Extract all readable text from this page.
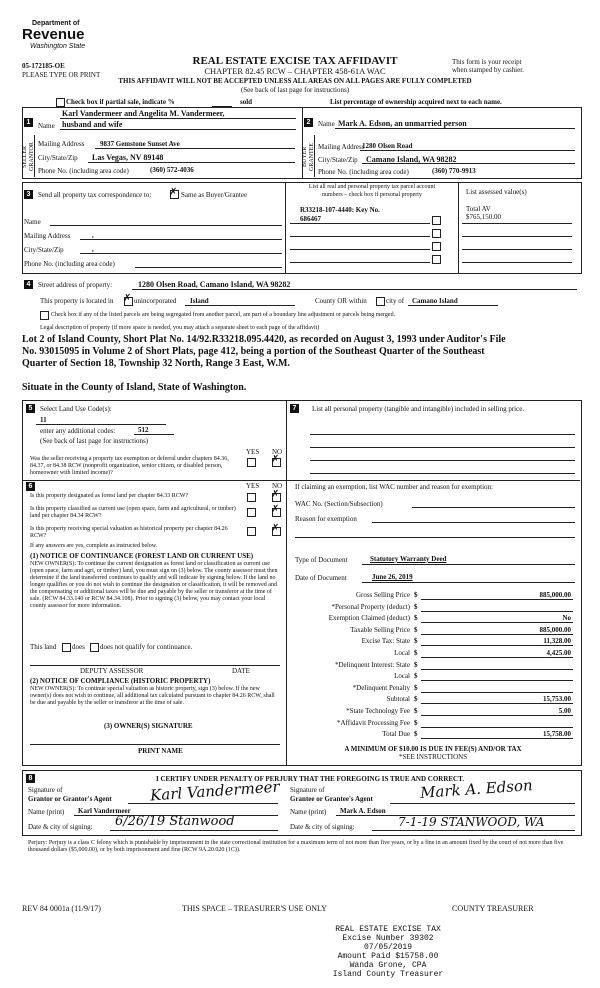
Department of
Revenue
Washington State
05-172185-OE
PLEASE TYPE OR PRINT
REAL ESTATE EXCISE TAX AFFIDAVIT
CHAPTER 82.45 RCW – CHAPTER 458-61A WAC
THIS AFFIDAVIT WILL NOT BE ACCEPTED UNLESS ALL AREAS ON ALL PAGES ARE FULLY COMPLETED
(See back of last page for instructions)
This form is your receipt
when stamped by cashier.
Check box if partial sale, indicate %	sold	List percentage of ownership acquired next to each name.
1
SELLER
GRANTOR
Name
Karl Vandermeer and Angelita M. Vandermeer,
husband and wife
Mailing Address 9837 Gemstone Sunset Ave
City/State/Zip Las Vegas, NV 89148
Phone No. (including area code)	(360) 572-4036
2
BUYER
GRANTEE
Name Mark A. Edson, an unmarried person
Mailing Address
1280 Olsen Road
City/State/Zip Camano Island, WA 98282
Phone No. (including area code)	(360) 770-9913
3	Send all property tax correspondence to: ✗ Same as Buyer/Grantee
Name
Mailing Address	,
City/State/Zip	,
Phone No. (including area code)
List all real and personal property tax parcel account
numbers – check box if personal property
R33218-107-4440: Key No.
686467
List assessed value(s)
Total AV
$765,150.00
4	Street address of property:	1280 Olsen Road, Camano Island, WA 98282
This property is located in ✗ unincorporated Island	County OR within	city of Camano Island
Check box if any of the listed parcels are being segregated from another parcel, are part of a boundary line adjustment or parcels being merged.
Legal description of property (if more space is needed, you may attach a separate sheet to each page of the affidavit)
Lot 2 of Island County, Short Plat No. 14/92.R33218.095.4420, as recorded on August 3, 1993 under Auditor's File
No. 93015095 in Volume 2 of Short Plats, page 412, being a portion of the Southeast Quarter of the Southeast
Quarter of Section 18, Township 32 North, Range 3 East, W.M.
Situate in the County of Island, State of Washington.
5	Select Land Use Code(s):
11
enter any additional codes:	512
(See back of last page for instructions)
YES NO
Was the seller receiving a property tax exemption or deferral under chapters 84.36, 84.37, or 84.38 RCW (nonprofit organization, senior citizen, or disabled person, homeowner with limited income)?
✗
6	YES NO
Is this property designated as forest land per chapter 84.33 RCW?	✗
Is this property classified as current use (open space, farm and agricultural, or timber) land per chapter 84.34 RCW?
✗
Is this property receiving special valuation as historical property per chapter 84.26 RCW?
✗
If any answers are yes, complete as instructed below.
(1) NOTICE OF CONTINUANCE (FOREST LAND OR CURRENT USE)
NEW OWNER(S): To continue the current designation as forest land or classification as current use (open space, farm and agri, or timber) land, you must sign on (3) below. The county assessor must then determine if the land transferred continues to qualify and will indicate by signing below. If the land no longer qualifies or you do not wish to continue the designation or classification, it will be removed and the compensating or additional taxes will be due and payable by the seller or transferor at the time of sale. (RCW 84.33.140 or RCW 84.34.108). Prior to signing (3) below, you may contact your local county assessor for more information.
This land does does not qualify for continuance.
DEPUTY ASSESSOR	DATE
(2) NOTICE OF COMPLIANCE (HISTORIC PROPERTY)
NEW OWNER(S): To continue special valuation as historic property, sign (3) below. If the new owner(s) does not wish to continue, all additional tax calculated pursuant to chapter 84.26 RCW, shall be due and payable by the seller or transferor at the time of sale.
(3) OWNER(S) SIGNATURE
PRINT NAME
7	List all personal property (tangible and intangible) included in selling price.
If claiming an exemption, list WAC number and reason for exemption:
WAC No. (Section/Subsection)
Reason for exemption
Type of Document	Statutory Warranty Deed
Date of Document	June 26, 2019
Gross Selling Price $	885,000.00
*Personal Property (deduct) $
Exemption Claimed (deduct) $	No
Taxable Selling Price $	885,000.00
Excise Tax: State $	11,328.00
Local $	4,425.00
*Delinquent Interest: State $
Local $
*Delinquent Penalty $
Subtotal $	15,753.00
*State Technology Fee $	5.00
*Affidavit Processing Fee $
Total Due $	15,758.00
A MINIMUM OF $10.00 IS DUE IN FEE(S) AND/OR TAX
*SEE INSTRUCTIONS
8	I CERTIFY UNDER PENALTY OF PERJURY THAT THE FOREGOING IS TRUE AND CORRECT.
Signature of
Grantor or Grantor's Agent	Karl Vandermeer
Name (print) Karl Vandermeer
Date & city of signing: 6/26/19 Stanwood
Signature of
Grantee or Grantee's Agent	Mark A. Edson
Name (print) Mark A. Edson
Date & city of signing:	7-1-19 STANWOOD, WA
Perjury: Perjury is a class C felony which is punishable by imprisonment in the state correctional institution for a maximum term of not more than five years, or by a fine in an amount fixed by the court of not more than five thousand dollars ($5,000.00), or by both imprisonment and fine (RCW 9A.20.020 (1C)).
REV 84 0001a (11/9/17)	THIS SPACE – TREASURER'S USE ONLY	COUNTY TREASURER
REAL ESTATE EXCISE TAX
Excise Number 39302
07/05/2019
Amount Paid $15758.00
Wanda Grone, CPA
Island County Treasurer
